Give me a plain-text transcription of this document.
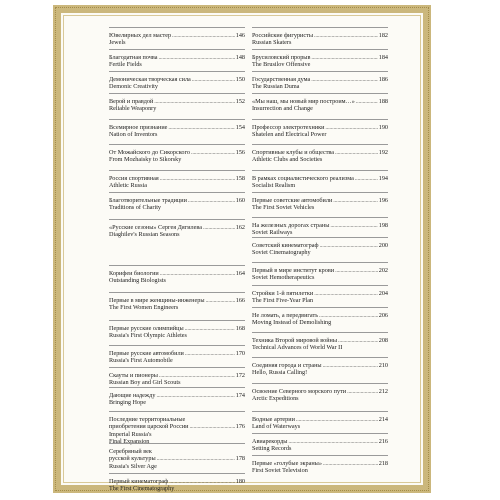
Ювелирных дел мастер .....	146
Jewels
Благодатная почва .....	148
Fertile Fields
Демоническая творческая сила .....	150
Demonic Creativity
Верой и правдой .....	152
Reliable Weaponry
Всемирное признание .....	154
Nation of Inventors
От Можайского до Сикорского .....	156
From Mozhaisky to Sikorsky
Россия спортивная .....	158
Athletic Russia
Благотворительные традиции .....	160
Traditions of Charity
«Русские сезоны» Сергея Дягилева .....	162
Diaghilev's Russian Seasons
Корифеи биологии .....	164
Outstanding Biologists
Первые в мире женщины-инженеры .....	166
The First Women Engineers
Первые русские олимпийцы .....	168
Russia's First Olympic Athletes
Первые русские автомобили .....	170
Russia's First Automobile
Скауты и пионеры .....	172
Russian Boy and Girl Scouts
Дающие надежду .....	174
Bringing Hope
Последние территориальные
приобретения царской России .....	176
Imperial Russia's
Final Expansion
Серебряный век
русской культуры .....	178
Russia's Silver Age
Первый кинематограф .....	180
The First Cinematography
Российские фигуристы .....	182
Russian Skaters
Брусиловский прорыв .....	184
The Brusilov Offensive
Государственная дума .....	186
The Russian Duma
«Мы наш, мы новый мир построим…» .....	188
Insurrection and Change
Профессор электротехники .....	190
Shatelen and Electrical Power
Спортивные клубы и общества .....	192
Athletic Clubs and Societies
В рамках социалистического реализма .....	194
Socialist Realism
Первые советские автомобили .....	196
The First Soviet Vehicles
На железных дорогах страны .....	198
Soviet Railways
Советский кинематограф .....	200
Soviet Cinematography
Первый в мире институт крови .....	202
Soviet Hemotherapeutics
Стройки 1-й пятилетки .....	204
The First Five-Year Plan
Не ломать, а передвигать .....	206
Moving Instead of Demolishing
Техника Второй мировой войны .....	208
Technical Advances of World War II
Соединяя города и страны .....	210
Hello, Russia Calling!
Освоение Северного морского пути .....	212
Arctic Expeditions
Водные артерии .....	214
Land of Waterways
Авиарекорды .....	216
Setting Records
Первые «голубые экраны» .....	218
First Soviet Television
